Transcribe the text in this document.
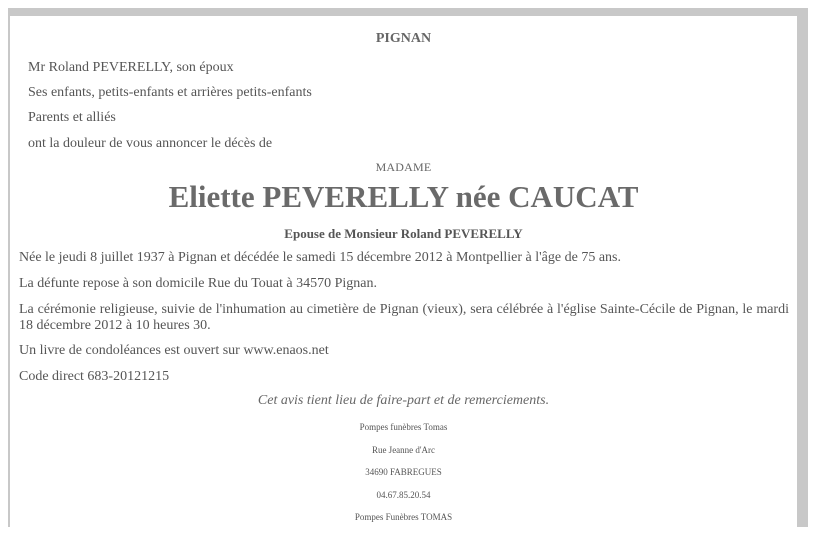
PIGNAN
Mr Roland PEVERELLY, son époux
Ses enfants, petits-enfants et arrières petits-enfants
Parents et alliés
ont la douleur de vous annoncer le décès de
MADAME
Eliette PEVERELLY née CAUCAT
Epouse de Monsieur Roland PEVERELLY
Née le jeudi 8 juillet 1937 à Pignan et décédée le samedi 15 décembre 2012 à Montpellier à l'âge de 75 ans.
La défunte repose à son domicile Rue du Touat à 34570 Pignan.
La cérémonie religieuse, suivie de l'inhumation au cimetière de Pignan (vieux), sera célébrée à l'église Sainte-Cécile de Pignan, le mardi 18 décembre 2012 à 10 heures 30.
Un livre de condoléances est ouvert sur www.enaos.net
Code direct 683-20121215
Cet avis tient lieu de faire-part et de remerciements.
Pompes funèbres Tomas
Rue Jeanne d'Arc
34690 FABREGUES
04.67.85.20.54
Pompes Funèbres TOMAS
